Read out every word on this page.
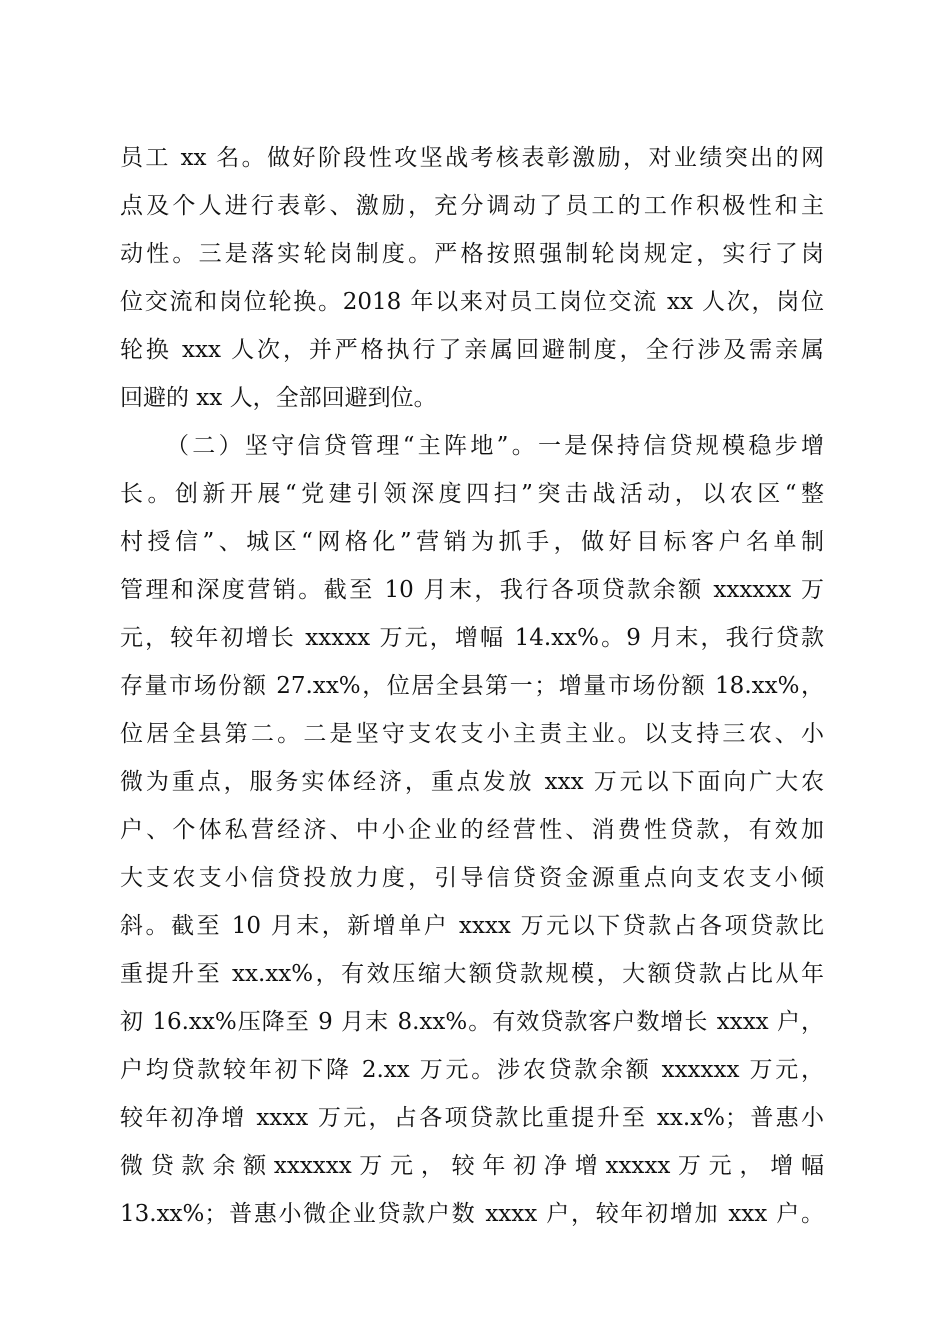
员工 xx 名。做好阶段性攻坚战考核表彰激励，对业绩突出的网
点及个人进行表彰、激励，充分调动了员工的工作积极性和主
动性。三是落实轮岗制度。严格按照强制轮岗规定，实行了岗
位交流和岗位轮换。2018 年以来对员工岗位交流 xx 人次，岗位
轮换 xxx 人次，并严格执行了亲属回避制度，全行涉及需亲属
回避的 xx 人，全部回避到位。
（二）坚守信贷管理“主阵地”。一是保持信贷规模稳步增
长。创新开展“党建引领深度四扫”突击战活动，以农区“整
村授信”、城区“网格化”营销为抓手，做好目标客户名单制
管理和深度营销。截至 10 月末，我行各项贷款余额 xxxxxx 万
元，较年初增长 xxxxx 万元，增幅 14.xx%。9 月末，我行贷款
存量市场份额 27.xx%，位居全县第一；增量市场份额 18.xx%，
位居全县第二。二是坚守支农支小主责主业。以支持三农、小
微为重点，服务实体经济，重点发放 xxx 万元以下面向广大农
户、个体私营经济、中小企业的经营性、消费性贷款，有效加
大支农支小信贷投放力度，引导信贷资金源重点向支农支小倾
斜。截至 10 月末，新增单户 xxxx 万元以下贷款占各项贷款比
重提升至 xx.xx%，有效压缩大额贷款规模，大额贷款占比从年
初 16.xx%压降至 9 月末 8.xx%。有效贷款客户数增长 xxxx 户，
户均贷款较年初下降 2.xx 万元。涉农贷款余额 xxxxxx 万元，
较年初净增 xxxx 万元，占各项贷款比重提升至 xx.x%；普惠小
微 贷 款 余 额 xxxxxx 万 元 ， 较 年 初 净 增 xxxxx 万 元 ， 增 幅
13.xx%；普惠小微企业贷款户数 xxxx 户，较年初增加 xxx 户。
